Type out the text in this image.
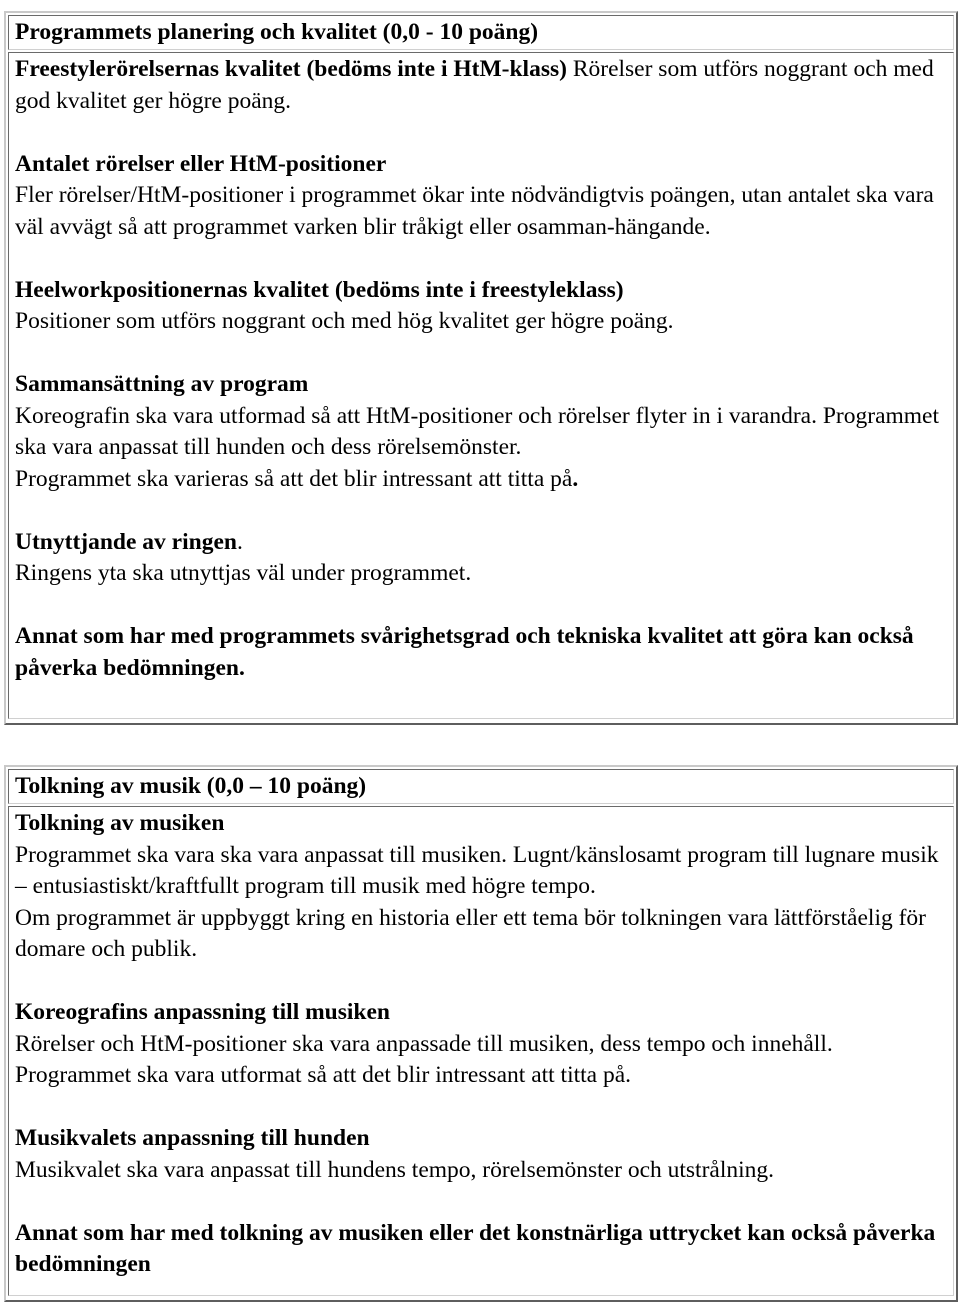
Programmets planering och kvalitet (0,0 - 10 poäng)

Freestylerörelsernas kvalitet (bedöms inte i HtM-klass) Rörelser som utförs noggrant och med god kvalitet ger högre poäng.

Antalet rörelser eller HtM-positioner
Fler rörelser/HtM-positioner i programmet ökar inte nödvändigtvis poängen, utan antalet ska vara väl avvägt så att programmet varken blir tråkigt eller osamman-hängande.

Heelworkpositionernas kvalitet (bedöms inte i freestyleklass)
Positioner som utförs noggrant och med hög kvalitet ger högre poäng.

Sammansättning av program
Koreografin ska vara utformad så att HtM-positioner och rörelser flyter in i varandra. Programmet ska vara anpassat till hunden och dess rörelsemönster.
Programmet ska varieras så att det blir intressant att titta på.

Utnyttjande av ringen.
Ringens yta ska utnyttjas väl under programmet.

Annat som har med programmets svårighetsgrad och tekniska kvalitet att göra kan också påverka bedömningen.

Tolkning av musik (0,0 – 10 poäng)

Tolkning av musiken
Programmet ska vara ska vara anpassat till musiken. Lugnt/känslosamt program till lugnare musik – entusiastiskt/kraftfullt program till musik med högre tempo.
Om programmet är uppbyggt kring en historia eller ett tema bör tolkningen vara lättförståelig för domare och publik.

Koreografins anpassning till musiken
Rörelser och HtM-positioner ska vara anpassade till musiken, dess tempo och innehåll. Programmet ska vara utformat så att det blir intressant att titta på.

Musikvalets anpassning till hunden
Musikvalet ska vara anpassat till hundens tempo, rörelsemönster och utstrålning.

Annat som har med tolkning av musiken eller det konstnärliga uttrycket kan också påverka bedömningen
